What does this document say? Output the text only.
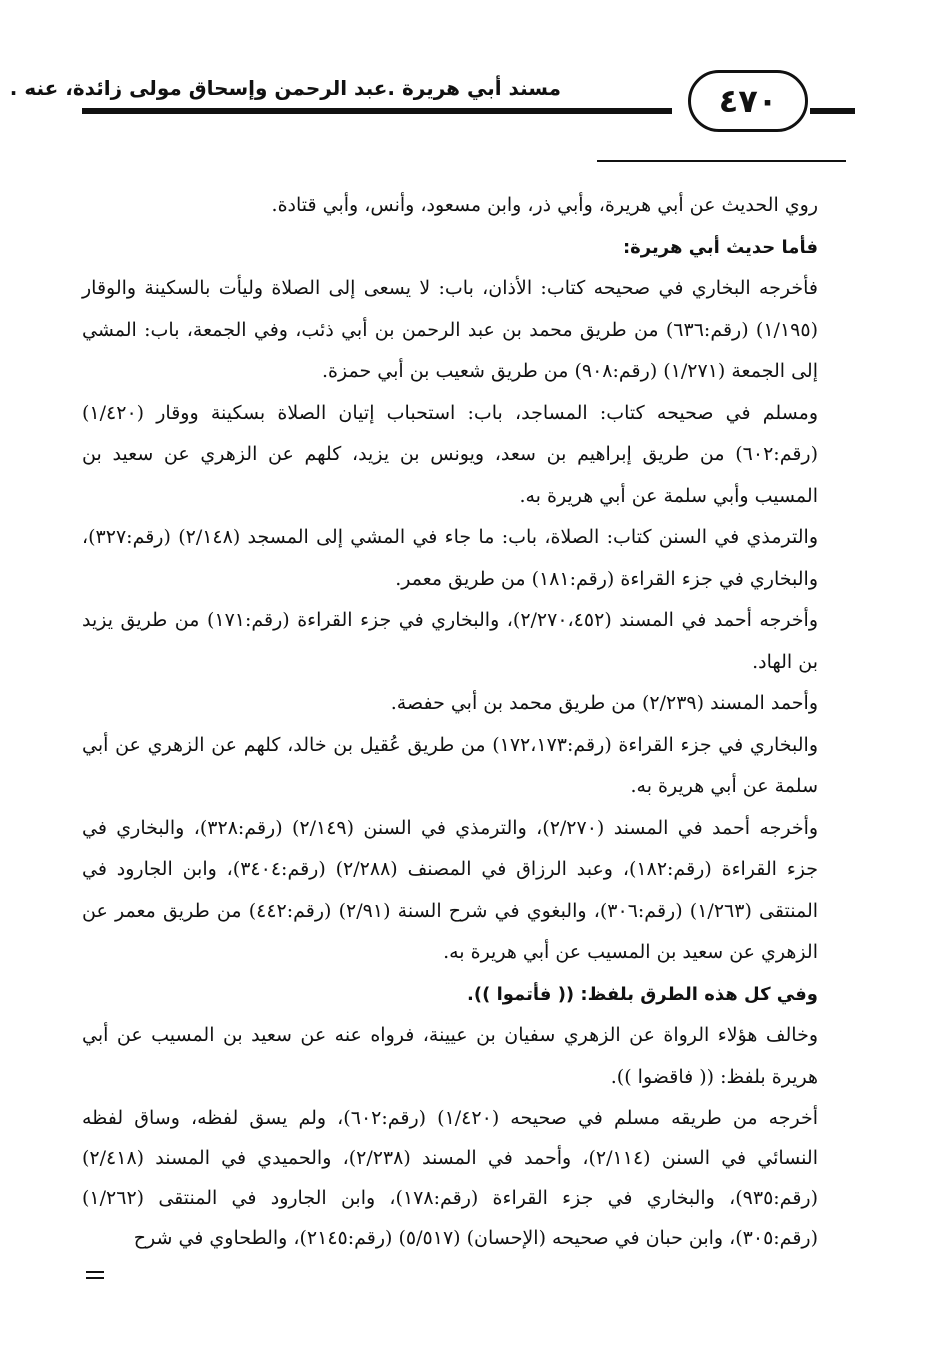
مسند أبي هريرة .عبد الرحمن وإسحاق مولى زائدة، عنه .	٤٧٠

روي الحديث عن أبي هريرة، وأبي ذر، وابن مسعود، وأنس، وأبي قتادة.

فأما حديث أبي هريرة:

فأخرجه البخاري في صحيحه كتاب: الأذان، باب: لا يسعى إلى الصلاة وليأت بالسكينة والوقار (١/١٩٥) (رقم:٦٣٦) من طريق محمد بن عبد الرحمن بن أبي ذئب، وفي الجمعة، باب: المشي إلى الجمعة (١/٢٧١) (رقم:٩٠٨) من طريق شعيب بن أبي حمزة.

ومسلم في صحيحه كتاب: المساجد، باب: استحباب إتيان الصلاة بسكينة ووقار (١/٤٢٠) (رقم:٦٠٢) من طريق إبراهيم بن سعد، ويونس بن يزيد، كلهم عن الزهري عن سعيد بن المسيب وأبي سلمة عن أبي هريرة به.

والترمذي في السنن كتاب: الصلاة، باب: ما جاء في المشي إلى المسجد (٢/١٤٨) (رقم:٣٢٧)، والبخاري في جزء القراءة (رقم:١٨١) من طريق معمر.

وأخرجه أحمد في المسند (٢/٢٧٠،٤٥٢)، والبخاري في جزء القراءة (رقم:١٧١) من طريق يزيد بن الهاد.

وأحمد المسند (٢/٢٣٩) من طريق محمد بن أبي حفصة.

والبخاري في جزء القراءة (رقم:١٧٢،١٧٣) من طريق عُقيل بن خالد، كلهم عن الزهري عن أبي سلمة عن أبي هريرة به.

وأخرجه أحمد في المسند (٢/٢٧٠)، والترمذي في السنن (٢/١٤٩) (رقم:٣٢٨)، والبخاري في جزء القراءة (رقم:١٨٢)، وعبد الرزاق في المصنف (٢/٢٨٨) (رقم:٣٤٠٤)، وابن الجارود في المنتقى (١/٢٦٣) (رقم:٣٠٦)، والبغوي في شرح السنة (٢/٩١) (رقم:٤٤٢) من طريق معمر عن الزهري عن سعيد بن المسيب عن أبي هريرة به.

وفي كل هذه الطرق بلفظ: (( فأتموا )).

وخالف هؤلاء الرواة عن الزهري سفيان بن عيينة، فرواه عنه عن سعيد بن المسيب عن أبي هريرة بلفظ: (( فاقضوا )).

أخرجه من طريقه مسلم في صحيحه (١/٤٢٠) (رقم:٦٠٢)، ولم يسق لفظه، وساق لفظه النسائي في السنن (٢/١١٤)، وأحمد في المسند (٢/٢٣٨)، والحميدي في المسند (٢/٤١٨) (رقم:٩٣٥)، والبخاري في جزء القراءة (رقم:١٧٨)، وابن الجارود في المنتقى (١/٢٦٢) (رقم:٣٠٥)، وابن حبان في صحيحه (الإحسان) (٥/٥١٧) (رقم:٢١٤٥)، والطحاوي في شرح
